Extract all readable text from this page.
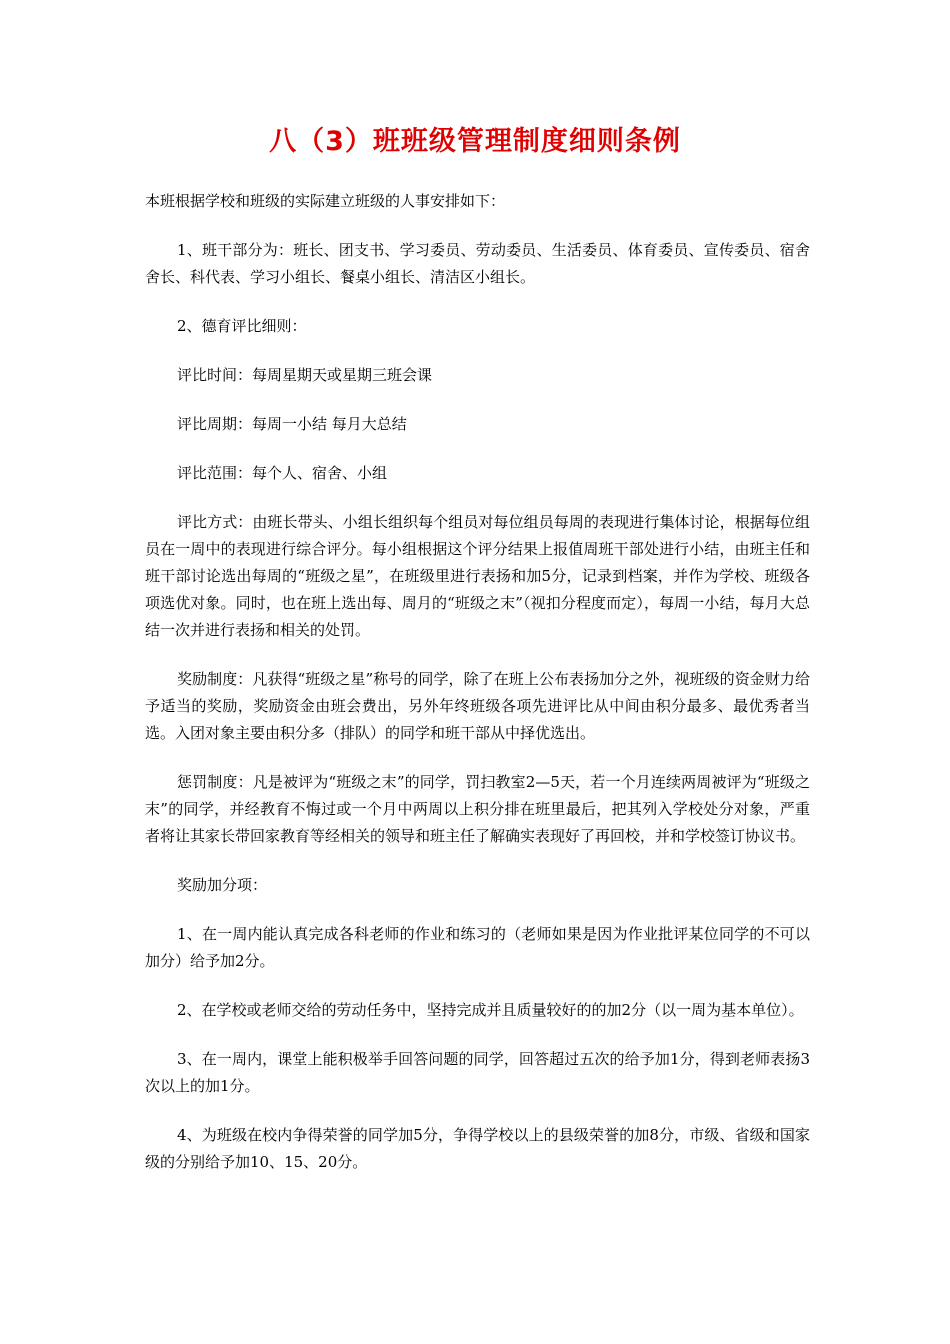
八（3）班班级管理制度细则条例

本班根据学校和班级的实际建立班级的人事安排如下：

1、班干部分为：班长、团支书、学习委员、劳动委员、生活委员、体育委员、宣传委员、宿舍舍长、科代表、学习小组长、餐桌小组长、清洁区小组长。

2、德育评比细则：

评比时间：每周星期天或星期三班会课

评比周期：每周一小结 每月大总结

评比范围：每个人、宿舍、小组

评比方式：由班长带头、小组长组织每个组员对每位组员每周的表现进行集体讨论，根据每位组员在一周中的表现进行综合评分。每小组根据这个评分结果上报值周班干部处进行小结，由班主任和班干部讨论选出每周的“班级之星”，在班级里进行表扬和加5分，记录到档案，并作为学校、班级各项选优对象。同时，也在班上选出每、周月的“班级之末”（视扣分程度而定），每周一小结，每月大总结一次并进行表扬和相关的处罚。

奖励制度：凡获得“班级之星”称号的同学，除了在班上公布表扬加分之外，视班级的资金财力给予适当的奖励，奖励资金由班会费出，另外年终班级各项先进评比从中间由积分最多、最优秀者当选。入团对象主要由积分多（排队）的同学和班干部从中择优选出。

惩罚制度：凡是被评为“班级之末”的同学，罚扫教室2—5天，若一个月连续两周被评为“班级之末”的同学，并经教育不悔过或一个月中两周以上积分排在班里最后，把其列入学校处分对象，严重者将让其家长带回家教育等经相关的领导和班主任了解确实表现好了再回校，并和学校签订协议书。

奖励加分项：

1、在一周内能认真完成各科老师的作业和练习的（老师如果是因为作业批评某位同学的不可以加分）给予加2分。

2、在学校或老师交给的劳动任务中，坚持完成并且质量较好的的加2分（以一周为基本单位）。

3、在一周内，课堂上能积极举手回答问题的同学，回答超过五次的给予加1分，得到老师表扬3次以上的加1分。

4、为班级在校内争得荣誉的同学加5分，争得学校以上的县级荣誉的加8分，市级、省级和国家级的分别给予加10、15、20分。
